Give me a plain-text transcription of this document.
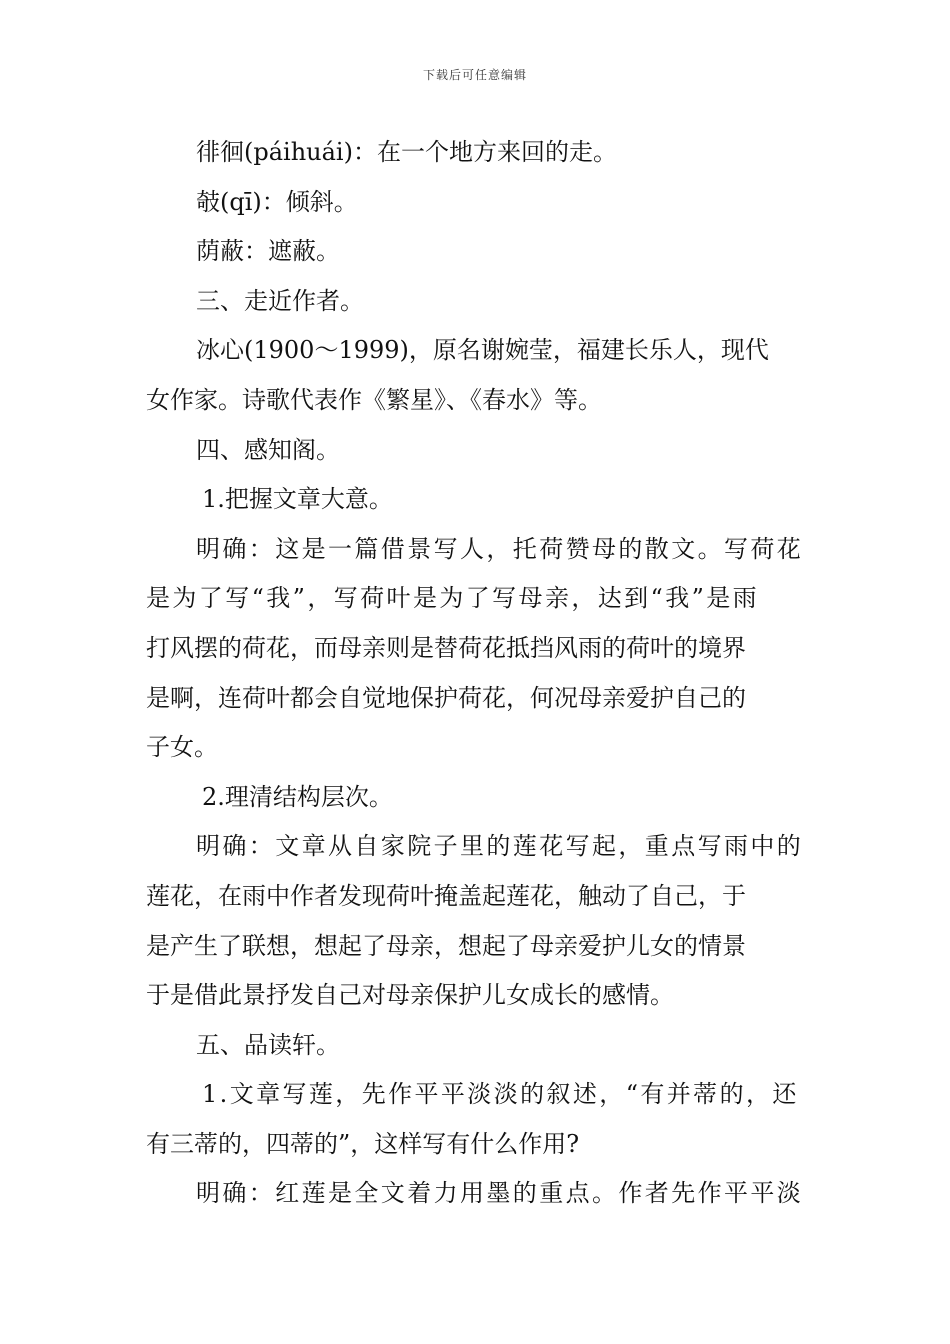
下载后可任意编辑

徘徊(páihuái)：在一个地方来回的走。

攲(qī)：倾斜。

荫蔽：遮蔽。

三、走近作者。

冰心(1900～1999)，原名谢婉莹，福建长乐人，现代

女作家。诗歌代表作《繁星》、《春水》等。

四、感知阁。

1.把握文章大意。

明确：这是一篇借景写人，托荷赞母的散文。写荷花

是为了写“我”，写荷叶是为了写母亲，达到“我”是雨

打风摆的荷花，而母亲则是替荷花抵挡风雨的荷叶的境界

是啊，连荷叶都会自觉地保护荷花，何况母亲爱护自己的

子女。

2.理清结构层次。

明确：文章从自家院子里的莲花写起，重点写雨中的

莲花，在雨中作者发现荷叶掩盖起莲花，触动了自己，于

是产生了联想，想起了母亲，想起了母亲爱护儿女的情景

于是借此景抒发自己对母亲保护儿女成长的感情。

五、品读轩。

1.文章写莲，先作平平淡淡的叙述，“有并蒂的，还

有三蒂的，四蒂的”，这样写有什么作用?

明确：红莲是全文着力用墨的重点。作者先作平平淡
